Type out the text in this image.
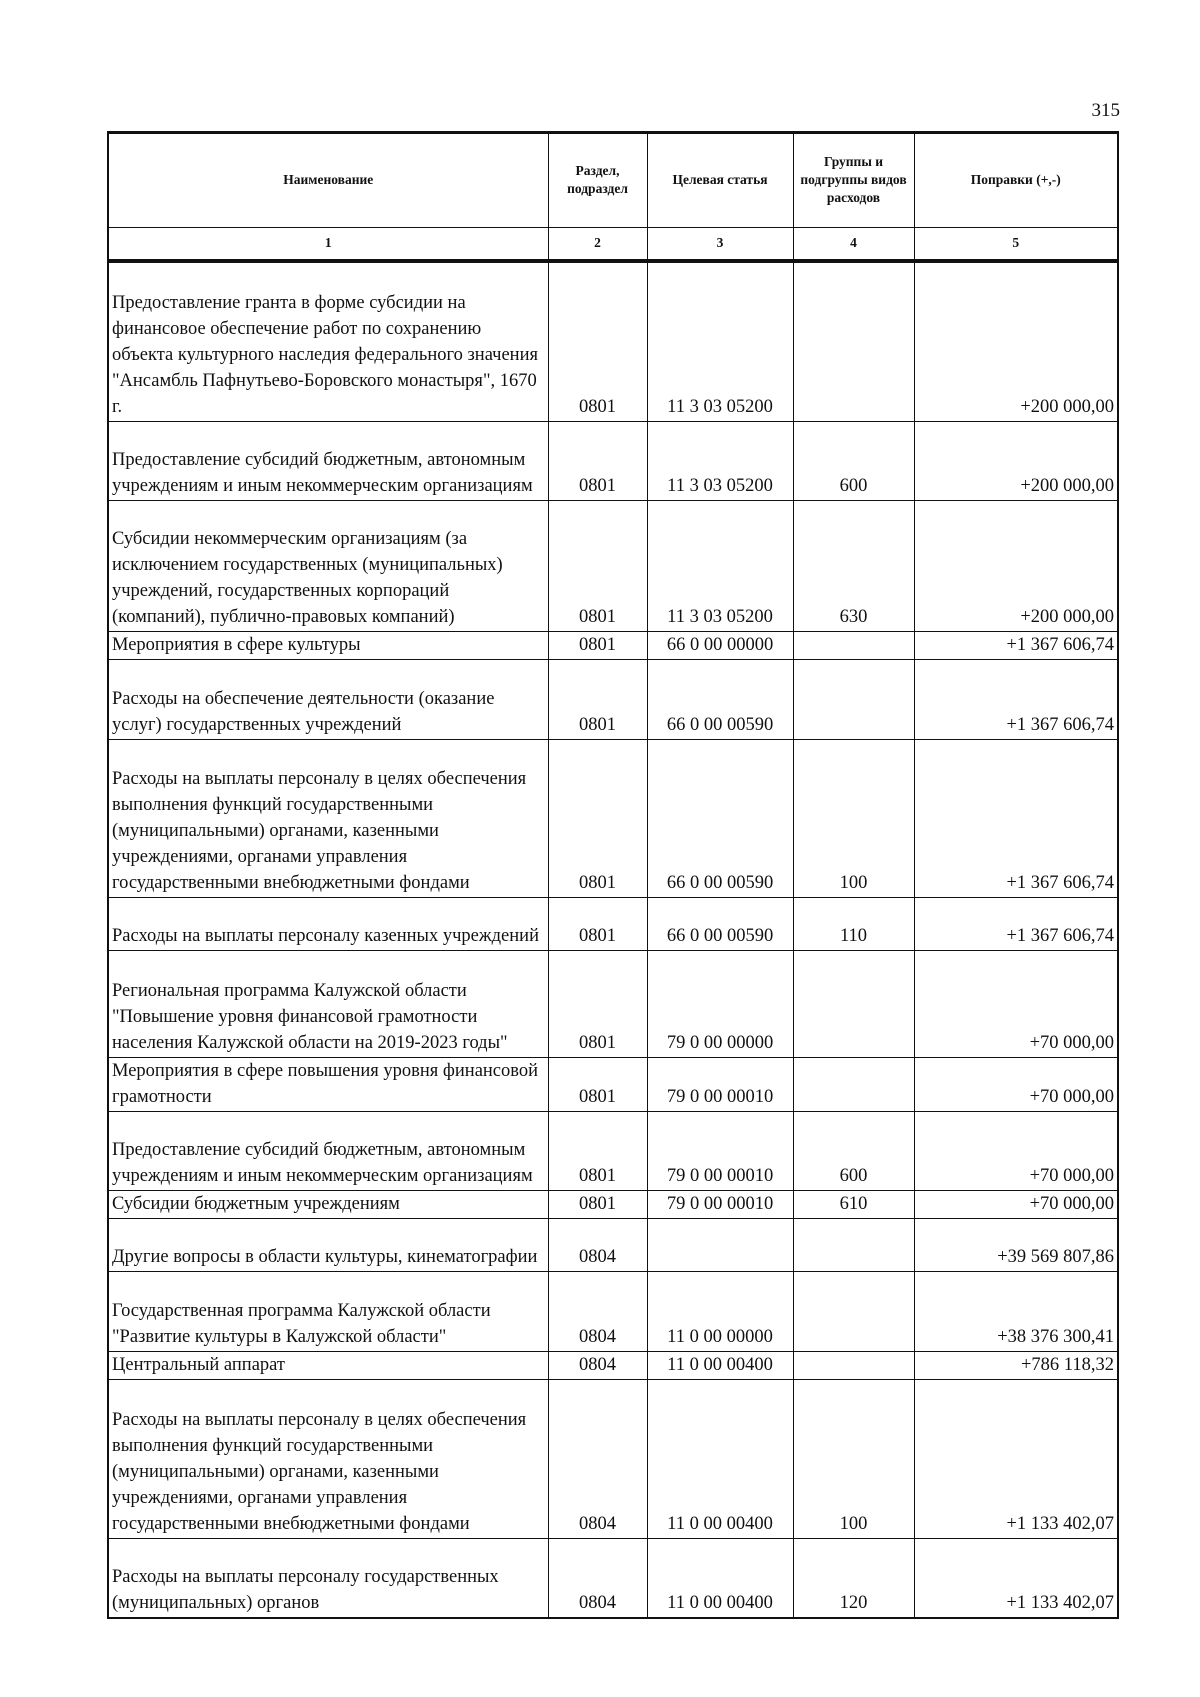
315
Наименование	Раздел, подраздел	Целевая статья	Группы и подгруппы видов расходов	Поправки (+,-)
1	2	3	4	5
Предоставление гранта в форме субсидии на финансовое обеспечение работ по сохранению объекта культурного наследия федерального значения "Ансамбль Пафнутьево-Боровского монастыря", 1670 г.	0801	11 3 03 05200		+200 000,00
Предоставление субсидий бюджетным, автономным учреждениям и иным некоммерческим организациям	0801	11 3 03 05200	600	+200 000,00
Субсидии некоммерческим организациям (за исключением государственных (муниципальных) учреждений, государственных корпораций (компаний), публично-правовых компаний)	0801	11 3 03 05200	630	+200 000,00
Мероприятия в сфере культуры	0801	66 0 00 00000		+1 367 606,74
Расходы на обеспечение деятельности (оказание услуг) государственных учреждений	0801	66 0 00 00590		+1 367 606,74
Расходы на выплаты персоналу в целях обеспечения выполнения функций государственными (муниципальными) органами, казенными учреждениями, органами управления государственными внебюджетными фондами	0801	66 0 00 00590	100	+1 367 606,74
Расходы на выплаты персоналу казенных учреждений	0801	66 0 00 00590	110	+1 367 606,74
Региональная программа Калужской области "Повышение уровня финансовой грамотности населения Калужской области на 2019-2023 годы"	0801	79 0 00 00000		+70 000,00
Мероприятия в сфере повышения уровня финансовой грамотности	0801	79 0 00 00010		+70 000,00
Предоставление субсидий бюджетным, автономным учреждениям и иным некоммерческим организациям	0801	79 0 00 00010	600	+70 000,00
Субсидии бюджетным учреждениям	0801	79 0 00 00010	610	+70 000,00
Другие вопросы в области культуры, кинематографии	0804			+39 569 807,86
Государственная программа Калужской области "Развитие культуры в Калужской области"	0804	11 0 00 00000		+38 376 300,41
Центральный аппарат	0804	11 0 00 00400		+786 118,32
Расходы на выплаты персоналу в целях обеспечения выполнения функций государственными (муниципальными) органами, казенными учреждениями, органами управления государственными внебюджетными фондами	0804	11 0 00 00400	100	+1 133 402,07
Расходы на выплаты персоналу государственных (муниципальных) органов	0804	11 0 00 00400	120	+1 133 402,07
